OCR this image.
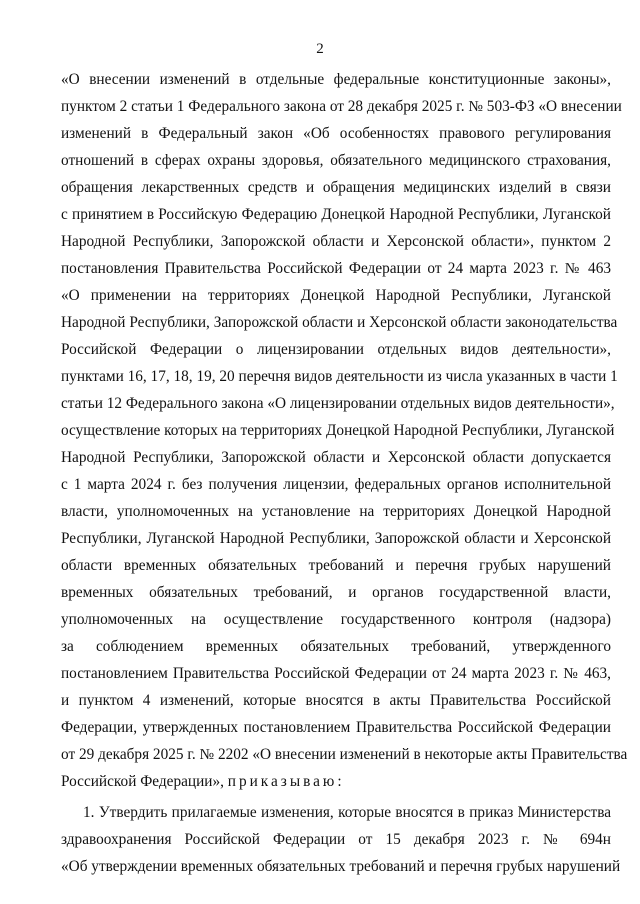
2
«О внесении изменений в отдельные федеральные конституционные законы»,
пунктом 2 статьи 1 Федерального закона от 28 декабря 2025 г. № 503-ФЗ «О внесении
изменений в Федеральный закон «Об особенностях правового регулирования
отношений в сферах охраны здоровья, обязательного медицинского страхования,
обращения лекарственных средств и обращения медицинских изделий в связи
с принятием в Российскую Федерацию Донецкой Народной Республики, Луганской
Народной Республики, Запорожской области и Херсонской области», пунктом 2
постановления Правительства Российской Федерации от 24 марта 2023 г. № 463
«О применении на территориях Донецкой Народной Республики, Луганской
Народной Республики, Запорожской области и Херсонской области законодательства
Российской Федерации о лицензировании отдельных видов деятельности»,
пунктами 16, 17, 18, 19, 20 перечня видов деятельности из числа указанных в части 1
статьи 12 Федерального закона «О лицензировании отдельных видов деятельности»,
осуществление которых на территориях Донецкой Народной Республики, Луганской
Народной Республики, Запорожской области и Херсонской области допускается
с 1 марта 2024 г. без получения лицензии, федеральных органов исполнительной
власти, уполномоченных на установление на территориях Донецкой Народной
Республики, Луганской Народной Республики, Запорожской области и Херсонской
области временных обязательных требований и перечня грубых нарушений
временных обязательных требований, и органов государственной власти,
уполномоченных на осуществление государственного контроля (надзора)
за соблюдением временных обязательных требований, утвержденного
постановлением Правительства Российской Федерации от 24 марта 2023 г. № 463,
и пунктом 4 изменений, которые вносятся в акты Правительства Российской
Федерации, утвержденных постановлением Правительства Российской Федерации
от 29 декабря 2025 г. № 2202 «О внесении изменений в некоторые акты Правительства
Российской Федерации», приказываю:
1. Утвердить прилагаемые изменения, которые вносятся в приказ Министерства
здравоохранения Российской Федерации от 15 декабря 2023 г. № 694н
«Об утверждении временных обязательных требований и перечня грубых нарушений
